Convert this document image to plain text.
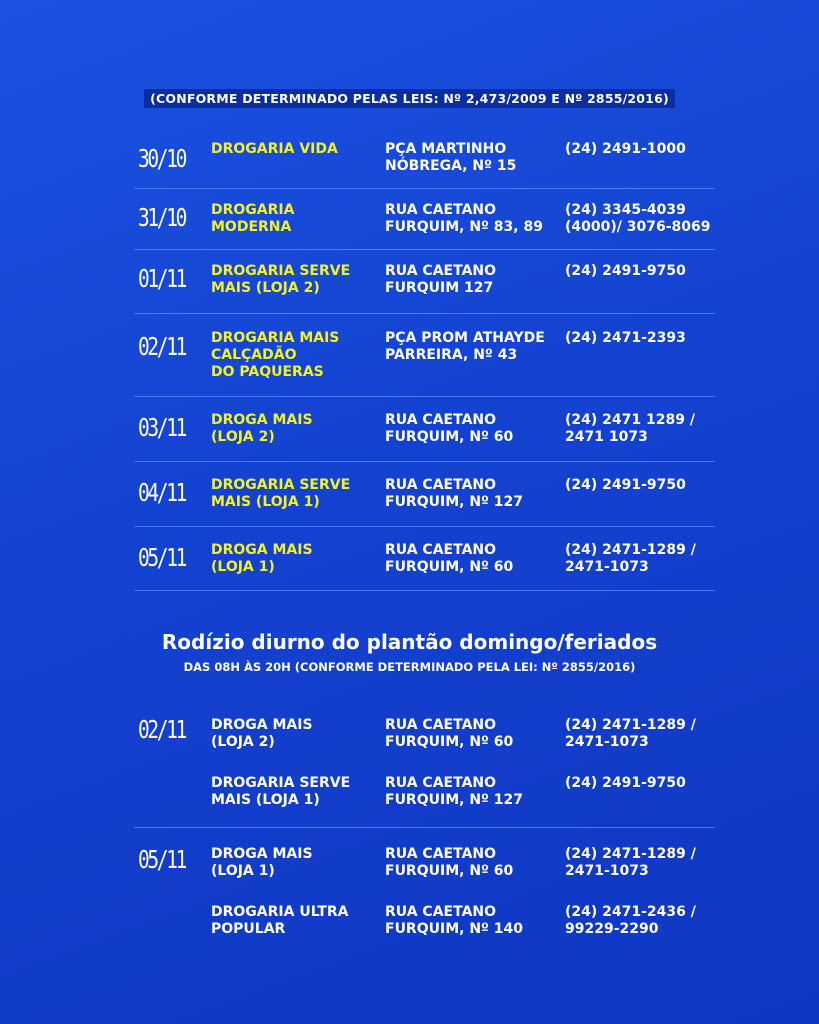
(CONFORME DETERMINADO PELAS LEIS: Nº 2,473/2009 E Nº 2855/2016)
30/10 DROGARIA VIDA	PÇA MARTINHO
NÓBREGA, Nº 15
(24) 2491-1000
31/10 DROGARIA
MODERNA
RUA CAETANO
FURQUIM, Nº 83, 89
(24) 3345-4039
(4000)/ 3076-8069
01/11 DROGARIA SERVE
MAIS (LOJA 2)
RUA CAETANO
FURQUIM 127
(24) 2491-9750
02/11 DROGARIA MAIS
CALÇADÃO
DO PAQUERAS
PÇA PROM ATHAYDE
PARREIRA, Nº 43
(24) 2471-2393
03/11 DROGA MAIS
(LOJA 2)
RUA CAETANO
FURQUIM, Nº 60
(24) 2471 1289 /
2471 1073
04/11 DROGARIA SERVE
MAIS (LOJA 1)
RUA CAETANO
FURQUIM, Nº 127
(24) 2491-9750
05/11 DROGA MAIS
(LOJA 1)
RUA CAETANO
FURQUIM, Nº 60
(24) 2471-1289 /
2471-1073
Rodízio diurno do plantão domingo/feriados
DAS 08H ÀS 20H (CONFORME DETERMINADO PELA LEI: Nº 2855/2016)
02/11 DROGA MAIS
(LOJA 2)
RUA CAETANO
FURQUIM, Nº 60
(24) 2471-1289 /
2471-1073
DROGARIA SERVE
MAIS (LOJA 1)
RUA CAETANO
FURQUIM, Nº 127
(24) 2491-9750
05/11 DROGA MAIS
(LOJA 1)
RUA CAETANO
FURQUIM, Nº 60
(24) 2471-1289 /
2471-1073
DROGARIA ULTRA
POPULAR
RUA CAETANO
FURQUIM, Nº 140
(24) 2471-2436 /
99229-2290
